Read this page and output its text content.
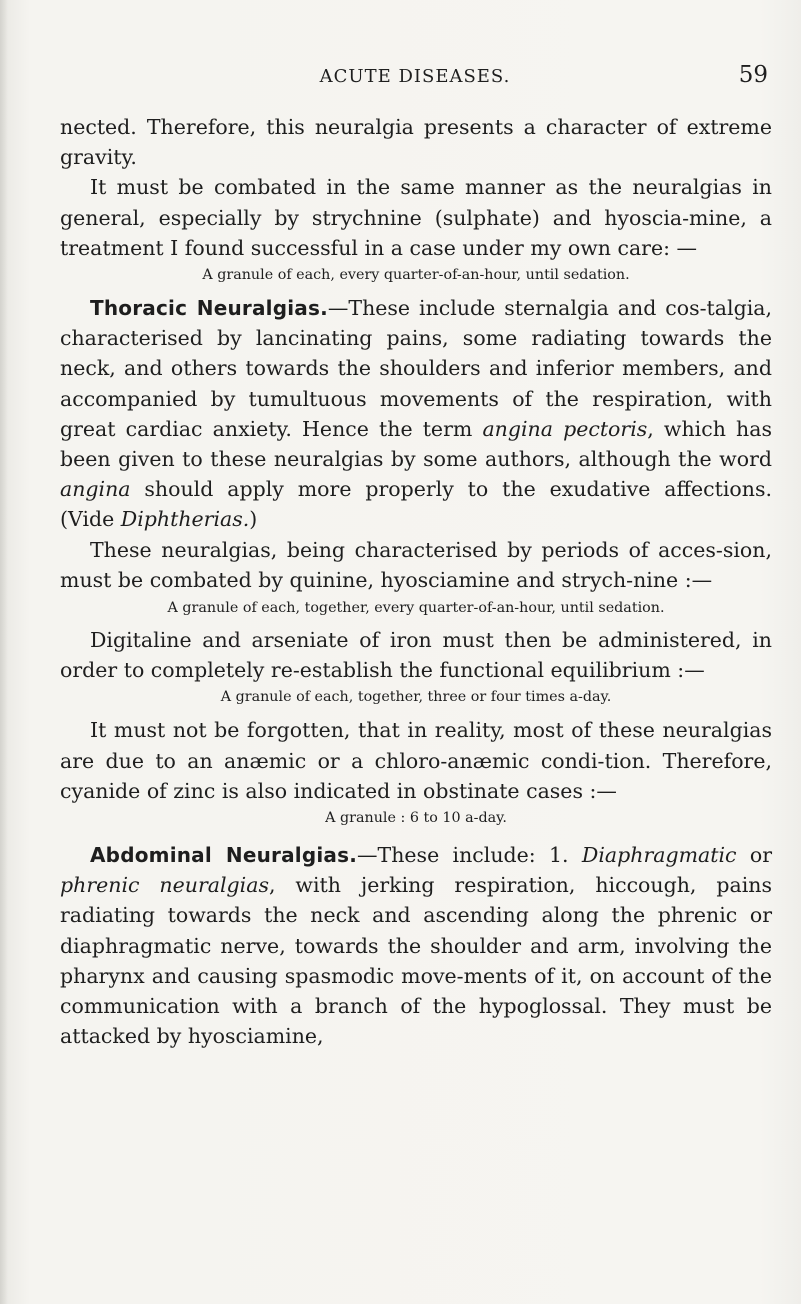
ACUTE DISEASES.	59

nected. Therefore, this neuralgia presents a character of extreme gravity.

It must be combated in the same manner as the neuralgias in general, especially by strychnine (sulphate) and hyoscia-mine, a treatment I found successful in a case under my own care: —

A granule of each, every quarter-of-an-hour, until sedation.

Thoracic Neuralgias.—These include sternalgia and cos-talgia, characterised by lancinating pains, some radiating towards the neck, and others towards the shoulders and inferior members, and accompanied by tumultuous movements of the respiration, with great cardiac anxiety. Hence the term angina pectoris, which has been given to these neuralgias by some authors, although the word angina should apply more properly to the exudative affections. (Vide Diphtherias.)

These neuralgias, being characterised by periods of acces-sion, must be combated by quinine, hyosciamine and strych-nine :—

A granule of each, together, every quarter-of-an-hour, until sedation.

Digitaline and arseniate of iron must then be administered, in order to completely re-establish the functional equilibrium :—

A granule of each, together, three or four times a-day.

It must not be forgotten, that in reality, most of these neuralgias are due to an anæmic or a chloro-anæmic condi-tion. Therefore, cyanide of zinc is also indicated in obstinate cases :—

A granule : 6 to 10 a-day.

Abdominal Neuralgias.—These include: 1. Diaphragmatic or phrenic neuralgias, with jerking respiration, hiccough, pains radiating towards the neck and ascending along the phrenic or diaphragmatic nerve, towards the shoulder and arm, involving the pharynx and causing spasmodic move-ments of it, on account of the communication with a branch of the hypoglossal. They must be attacked by hyosciamine,
